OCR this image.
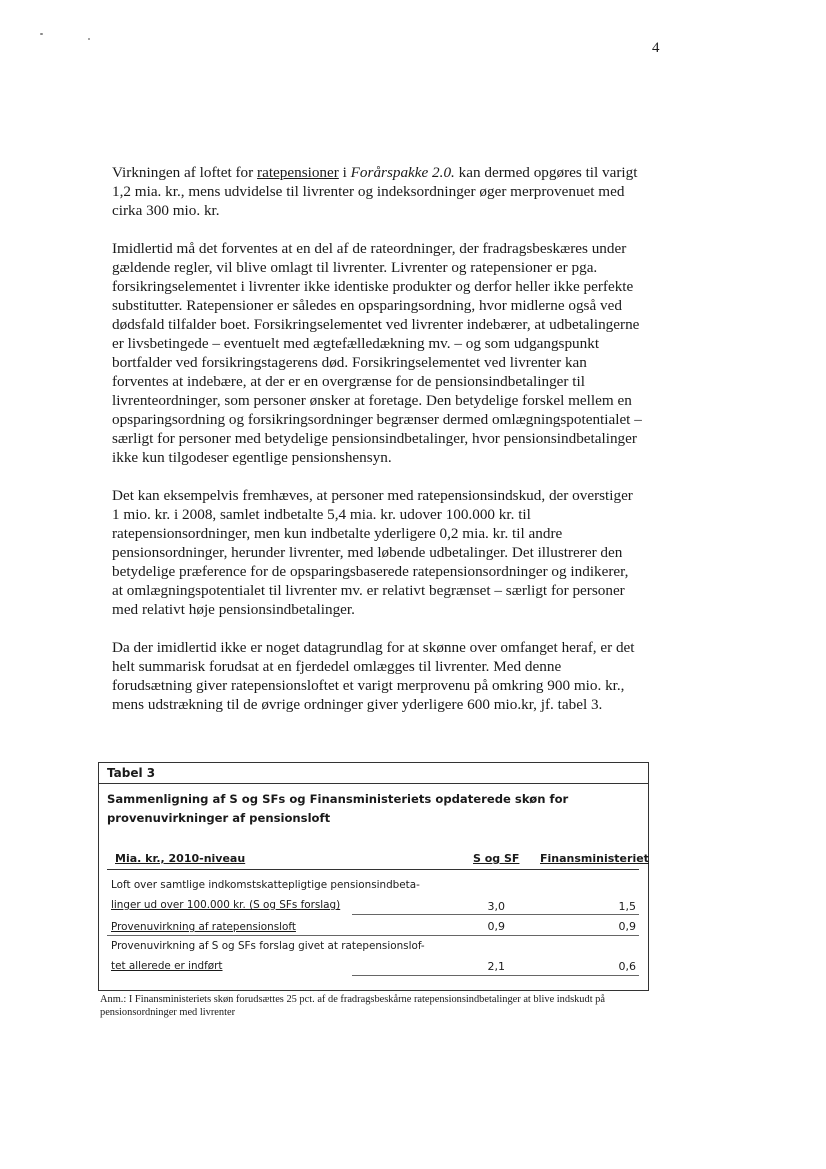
4

Virkningen af loftet for ratepensioner i Forårspakke 2.0. kan dermed opgøres til varigt 1,2 mia. kr., mens udvidelse til livrenter og indeksordninger øger merprovenuet med cirka 300 mio. kr.

Imidlertid må det forventes at en del af de rateordninger, der fradragsbeskæres under gældende regler, vil blive omlagt til livrenter. Livrenter og ratepensioner er pga. forsikringselementet i livrenter ikke identiske produkter og derfor heller ikke perfekte substitutter. Ratepensioner er således en opsparingsordning, hvor midlerne også ved dødsfald tilfalder boet. Forsikringselementet ved livrenter indebærer, at udbetalingerne er livsbetingede – eventuelt med ægtefælledækning mv. – og som udgangspunkt bortfalder ved forsikringstagerens død. Forsikringselementet ved livrenter kan forventes at indebære, at der er en overgrænse for de pensionsindbetalinger til livrenteordninger, som personer ønsker at foretage. Den betydelige forskel mellem en opsparingsordning og forsikringsordninger begrænser dermed omlægningspotentialet – særligt for personer med betydelige pensionsindbetalinger, hvor pensionsindbetalinger ikke kun tilgodeser egentlige pensionshensyn.

Det kan eksempelvis fremhæves, at personer med ratepensionsindskud, der overstiger 1 mio. kr. i 2008, samlet indbetalte 5,4 mia. kr. udover 100.000 kr. til ratepensionsordninger, men kun indbetalte yderligere 0,2 mia. kr. til andre pensionsordninger, herunder livrenter, med løbende udbetalinger. Det illustrerer den betydelige præference for de opsparingsbaserede ratepensionsordninger og indikerer, at omlægningspotentialet til livrenter mv. er relativt begrænset – særligt for personer med relativt høje pensionsindbetalinger.

Da der imidlertid ikke er noget datagrundlag for at skønne over omfanget heraf, er det helt summarisk forudsat at en fjerdedel omlægges til livrenter. Med denne forudsætning giver ratepensionsloftet et varigt merprovenu på omkring 900 mio. kr., mens udstrækning til de øvrige ordninger giver yderligere 600 mio.kr, jf. tabel 3.

Tabel 3
Sammenligning af S og SFs og Finansministeriets opdaterede skøn for provenuvirkninger af pensionsloft
Mia. kr., 2010-niveau	S og SF Finansministeriet
Loft over samtlige indkomstskattepligtige pensionsindbeta-
linger ud over 100.000 kr. (S og SFs forslag)	3,0	1,5
Provenuvirkning af ratepensionsloft	0,9	0,9
Provenuvirkning af S og SFs forslag givet at ratepensionslof-
tet allerede er indført	2,1	0,6
Anm.: I Finansministeriets skøn forudsættes 25 pct. af de fradragsbeskårne ratepensionsindbetalinger at blive indskudt på pensionsordninger med livrenter
